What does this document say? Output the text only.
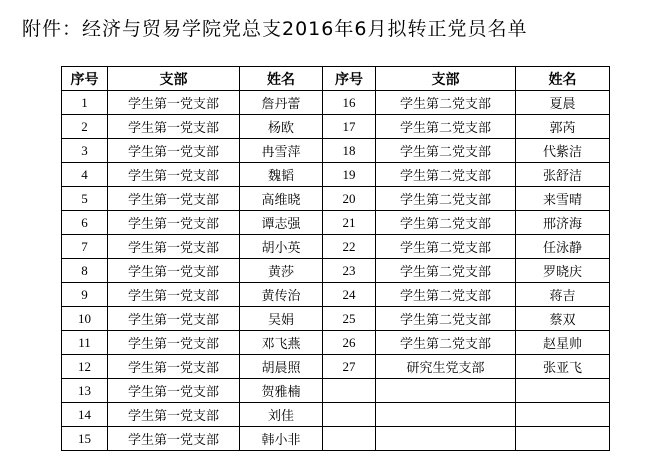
附件：经济与贸易学院党总支2016年6月拟转正党员名单
序号	支部	姓名	序号	支部	姓名
1	学生第一党支部	詹丹蕾	16	学生第二党支部	夏晨
2	学生第一党支部	杨欧	17	学生第二党支部	郭芮
3	学生第一党支部	冉雪萍	18	学生第二党支部	代紫洁
4	学生第一党支部	魏韬	19	学生第二党支部	张舒洁
5	学生第一党支部	高维晓	20	学生第二党支部	来雪晴
6	学生第一党支部	谭志强	21	学生第二党支部	邢济海
7	学生第一党支部	胡小英	22	学生第二党支部	任泳静
8	学生第一党支部	黄莎	23	学生第二党支部	罗晓庆
9	学生第一党支部	黄传治	24	学生第二党支部	蒋吉
10	学生第一党支部	吴娟	25	学生第二党支部	蔡双
11	学生第一党支部	邓飞燕	26	学生第二党支部	赵星帅
12	学生第一党支部	胡晨照	27	研究生党支部	张亚飞
13	学生第一党支部	贺雅楠			
14	学生第一党支部	刘佳			
15	学生第一党支部	韩小非			
